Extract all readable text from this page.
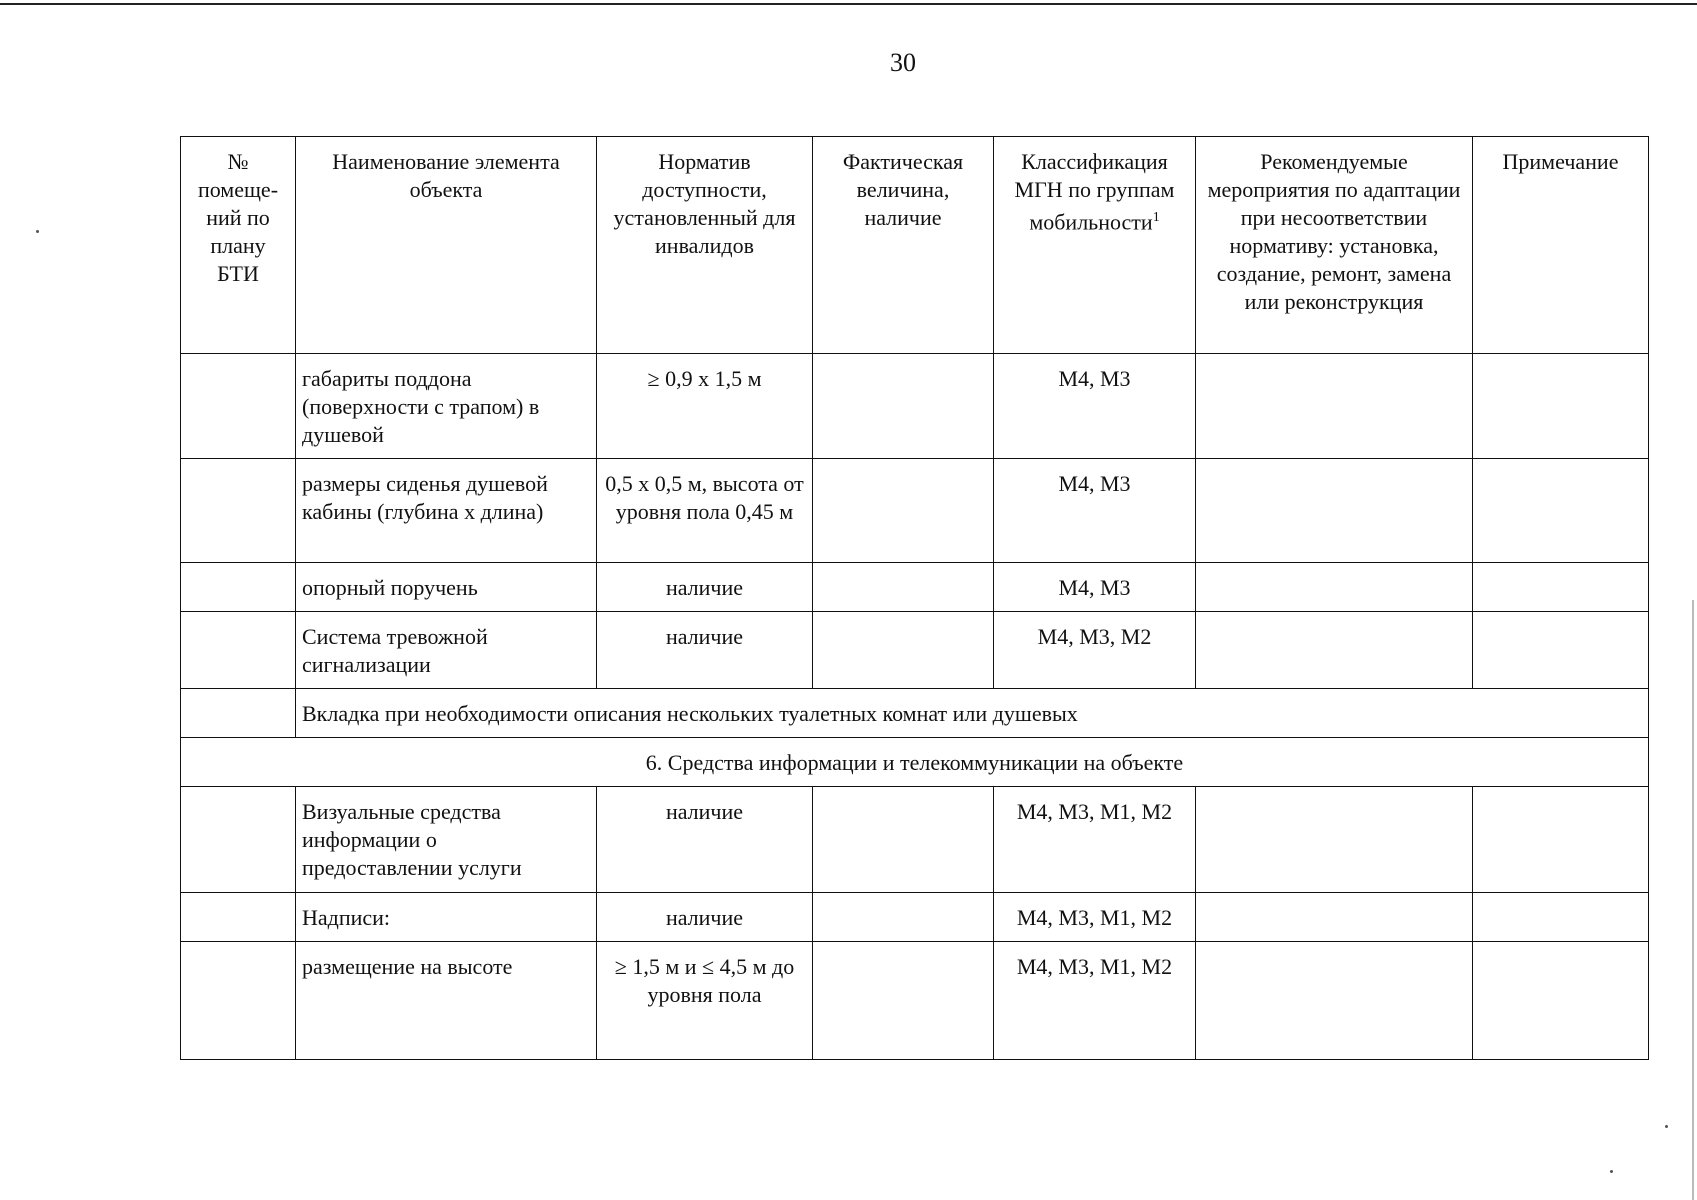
30
№ помеще-ний по плану БТИ	Наименование элемента объекта	Норматив доступности, установленный для инвалидов	Фактическая величина, наличие	Классификация МГН по группам мобильности$^1$	Рекомендуемые мероприятия по адаптации при несоответствии нормативу: установка, создание, ремонт, замена или реконструкция	Примечание
	габариты поддона (поверхности с трапом) в душевой	≥ 0,9 х 1,5 м		М4, М3		
	размеры сиденья душевой кабины (глубина х длина)	0,5 х 0,5 м, высота от уровня пола 0,45 м		М4, М3		
	опорный поручень	наличие		М4, М3		
	Система тревожной сигнализации	наличие		М4, М3, М2		
	Вкладка при необходимости описания нескольких туалетных комнат или душевых					
6. Средства информации и телекоммуникации на объекте						
	Визуальные средства информации о предоставлении услуги	наличие		М4, М3, М1, М2		
	Надписи:	наличие		М4, М3, М1, М2		
	размещение на высоте	≥ 1,5 м и ≤ 4,5 м до уровня пола		М4, М3, М1, М2		
